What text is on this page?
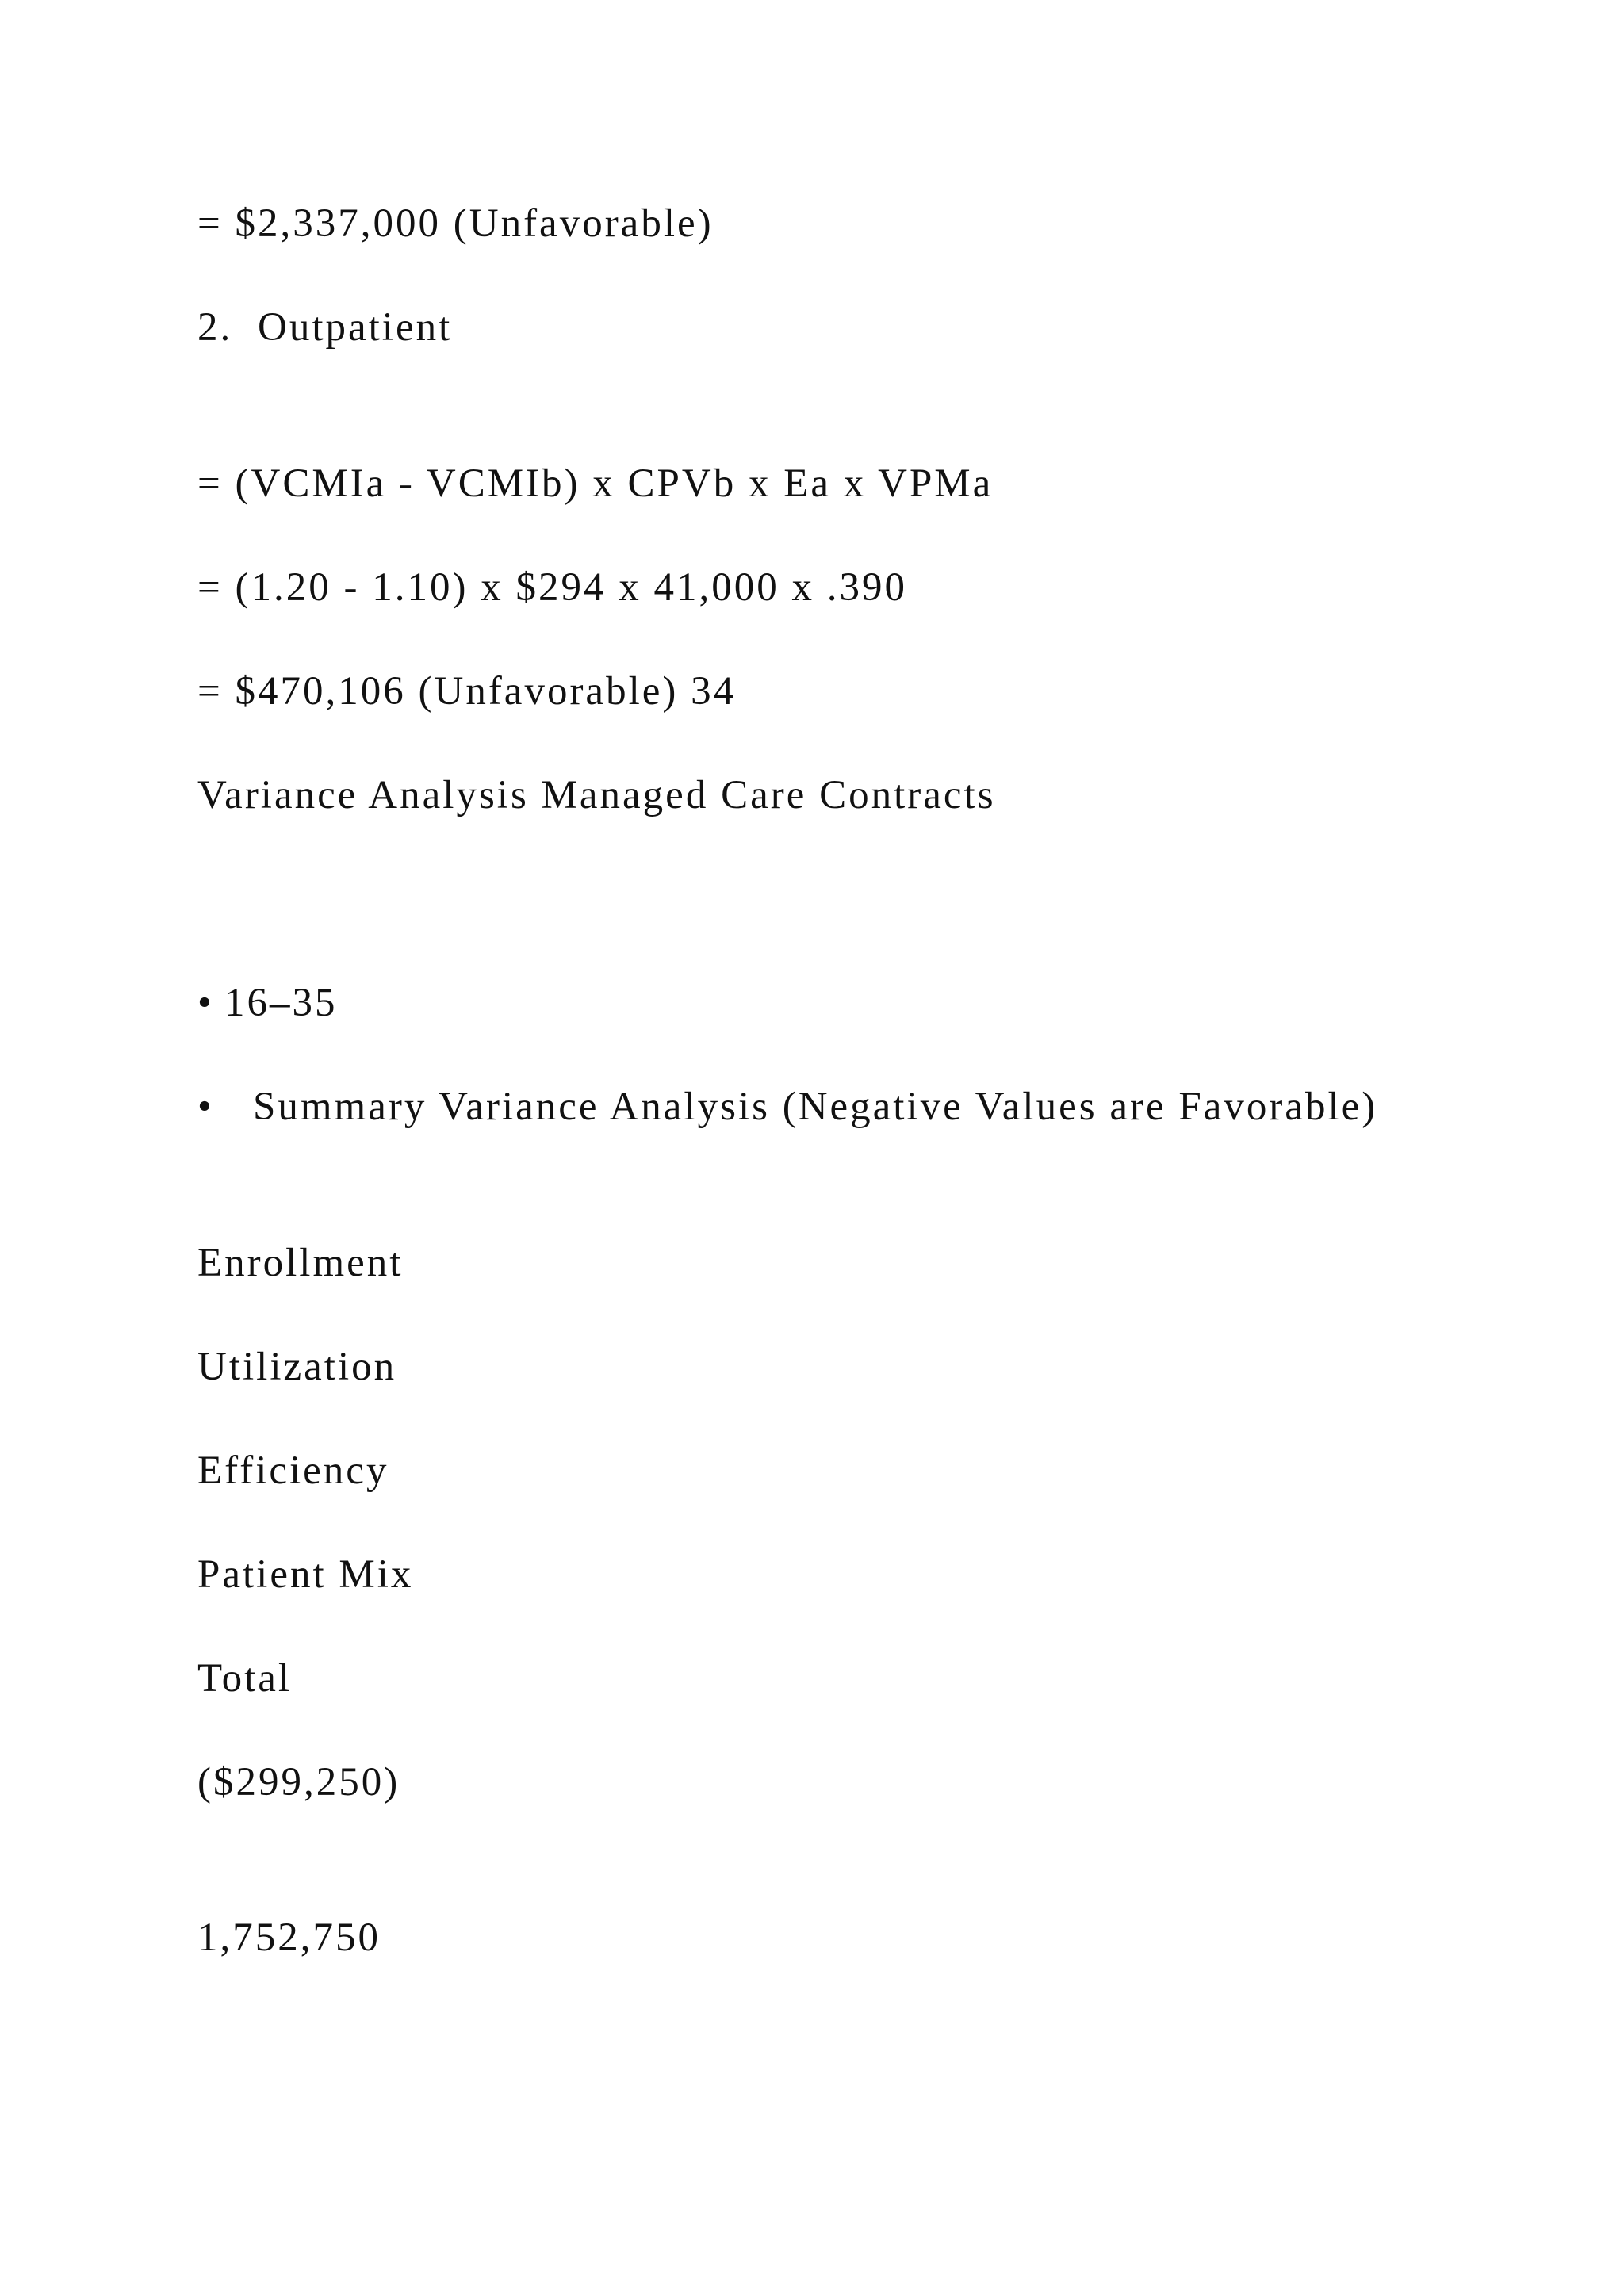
= $2,337,000 (Unfavorable)
2. Outpatient
= (VCMIa - VCMIb) x CPVb x Ea x VPMa
= (1.20 - 1.10) x $294 x 41,000 x .390
= $470,106 (Unfavorable) 34
Variance Analysis Managed Care Contracts
• 16–35
• Summary Variance Analysis (Negative Values are Favorable)
Enrollment
Utilization
Efficiency
Patient Mix
Total
($299,250)
1,752,750
